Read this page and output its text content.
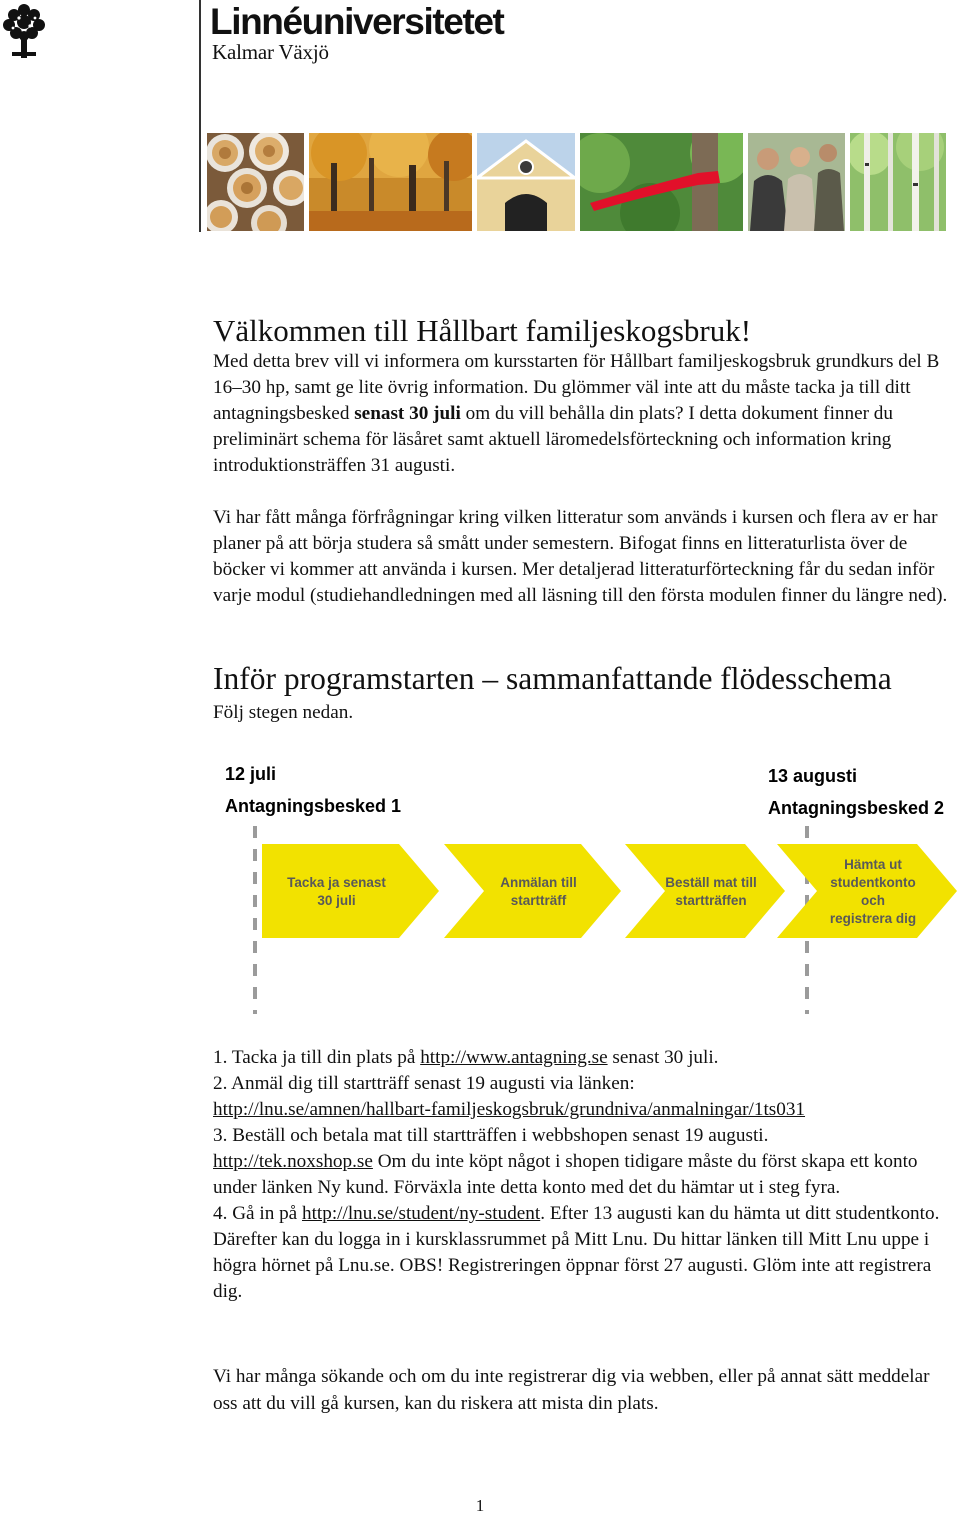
Linnéuniversitetet
Kalmar Växjö
Välkommen till Hållbart familjeskogsbruk!

Med detta brev vill vi informera om kursstarten för Hållbart familjeskogsbruk grundkurs del B 16–30 hp, samt ge lite övrig information. Du glömmer väl inte att du måste tacka ja till ditt antagningsbesked senast 30 juli om du vill behålla din plats? I detta dokument finner du preliminärt schema för läsåret samt aktuell läromedelsförteckning och information kring introduktionsträffen 31 augusti.

Vi har fått många förfrågningar kring vilken litteratur som används i kursen och flera av er har planer på att börja studera så smått under semestern. Bifogat finns en litteraturlista över de böcker vi kommer att använda i kursen. Mer detaljerad litteraturförteckning får du sedan inför varje modul (studiehandledningen med all läsning till den första modulen finner du längre ned).

Inför programstarten – sammanfattande flödesschema

Följ stegen nedan.

12 juli
Antagningsbesked 1
13 augusti
Antagningsbesked 2
Tacka ja senast
30 juli
Anmälan till
startträff
Beställ mat till
startträffen
Hämta ut
studentkonto
och
registrera dig

1. Tacka ja till din plats på http://www.antagning.se senast 30 juli.

2. Anmäl dig till startträff senast 19 augusti via länken:

http://lnu.se/amnen/hallbart-familjeskogsbruk/grundniva/anmalningar/1ts031

3. Beställ och betala mat till startträffen i webbshopen senast 19 augusti.

http://tek.noxshop.se Om du inte köpt något i shopen tidigare måste du först skapa ett konto under länken Ny kund. Förväxla inte detta konto med det du hämtar ut i steg fyra.

4. Gå in på http://lnu.se/student/ny-student. Efter 13 augusti kan du hämta ut ditt studentkonto. Därefter kan du logga in i kursklassrummet på Mitt Lnu. Du hittar länken till Mitt Lnu uppe i högra hörnet på Lnu.se. OBS! Registreringen öppnar först 27 augusti. Glöm inte att registrera dig.

Vi har många sökande och om du inte registrerar dig via webben, eller på annat sätt meddelar oss att du vill gå kursen, kan du riskera att mista din plats.

1
